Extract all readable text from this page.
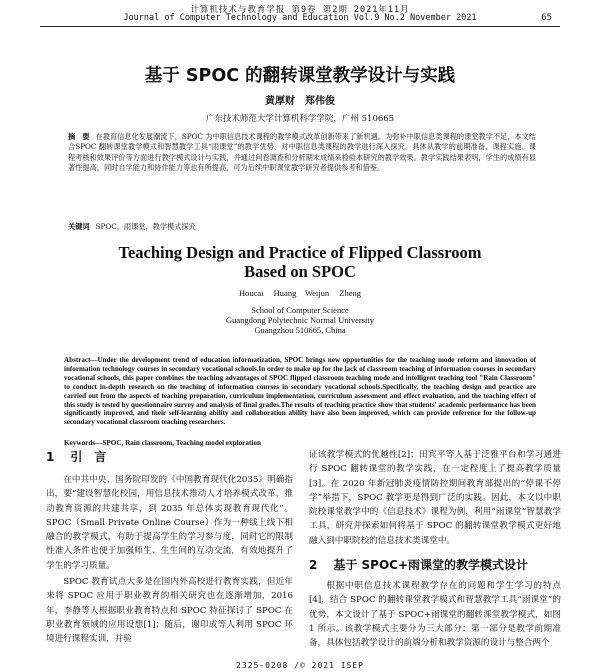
计算机技术与教育学报 第9卷 第2期 2021年11月
Journal of Computer Technology and Education Vol.9 No.2 November 2021	65
基于 SPOC 的翻转课堂教学设计与实践
黄厚财　郑伟俊
广东技术师范大学计算机科学学院，广州 510665
摘　要 在教育信息化发展潮流下，SPOC 为中职信息技术课程的教学模式改革创新带来了新机遇。为弥补中职信息类课程的课堂教学不足，本文结合SPOC 翻转课堂教学模式和智慧教学工具“雨课堂”的教学优势，对中职信息类课程的教学进行深入探究。具体从教学的前期准备、课程实施、课程考核和效果评价等方面进行教学模式设计与实践，并通过问卷调查和分析期末成绩来检验本研究的教学效果。教学实践结果表明，学生的成绩有显著性提高，同时自学能力和协作能力等也有所提高，可为后续中职课堂教学研究者提供参考和借鉴。
关键词 SPOC，雨课堂，教学模式探究
Teaching Design and Practice of Flipped Classroom
Based on SPOC
Houcai Huang　Weijun Zheng
School of Computer Science
Guangdong Polytechnic Normal University
Guangzhou 510665, China
Abstract—Under the development trend of education informatization, SPOC brings new opportunities for the teaching mode reform and innovation of information technology courses in secondary vocational schools.In order to make up for the lack of classroom teaching of information courses in secondary vocational schools, this paper combines the teaching advantages of SPOC flipped classroom teaching mode and intelligent teaching tool "Rain Classroom" to conduct in-depth research on the teaching of information courses in secondary vocational schools.Specifically, the teaching design and practice are carried out from the aspects of teaching preparation, curriculum implementation, curriculum assessment and effect evaluation, and the teaching effect of this study is tested by questionnaire survey and analysis of final grades.The results of teaching practice show that students' academic performance has been significantly improved, and their self-learning ability and collaboration ability have also been improved, which can provide reference for the follow-up secondary vocational classroom teaching researchers.
Keywords—SPOC, Rain classroom, Teaching model exploration
1 引　言

在中共中央、国务院印发的《中国教育现代化2035》明确指出，要“建设智慧化校园，用信息技术推动人才培养模式改革，推动教育资源的共建共享，到 2035 年总体实现教育现代化”。SPOC（Small Private Online Course）作为一种线上线下相融合的教学模式，有助于提高学生的学习参与度，同时它的限制性准入条件也便于加强师生、生生间的互动交流，有效地提升了学生的学习质量。

SPOC 教育试点大多是在国内外高校进行教育实践，但近年来将 SPOC 应用于职业教育的相关研究也在逐渐增加，2016 年，李静等人根据职业教育特点和 SPOC 特征探讨了 SPOC 在职业教育领域的应用设想[1]；随后，谢印成等人利用 SPOC 环境进行课程实训，并验

证该教学模式的优越性[2]；田宾平等人基于泛雅平台和学习通进行 SPOC 翻转课堂的教学实践，在一定程度上了提高教学质量[3]。在 2020 年新冠肺炎疫情防控期间教育部提出的“停课不停学”举措下，SPOC 教学更是得到广泛的实践。因此，本文以中职院校课堂教学中的《信息技术》课程为例，利用“雨课堂”智慧教学工具，研究并探索如何将基于 SPOC 的翻转课堂教学模式更好地融入到中职院校的信息技术类课堂中。

2 基于 SPOC+雨课堂的教学模式设计

根据中职信息技术课程教学存在的问题和学生学习的特点[4]，结合 SPOC 的翻转课堂教学模式和智慧教学工具“雨课堂”的优势，本文设计了基于 SPOC+雨课堂的翻转课堂教学模式，如图1 所示。该教学模式主要分为三大部分：第一部分是教学前期准备，具体包括教学设计的前端分析和教学资源的设计与整合两个

2325-0208 /© 2021 ISEP
